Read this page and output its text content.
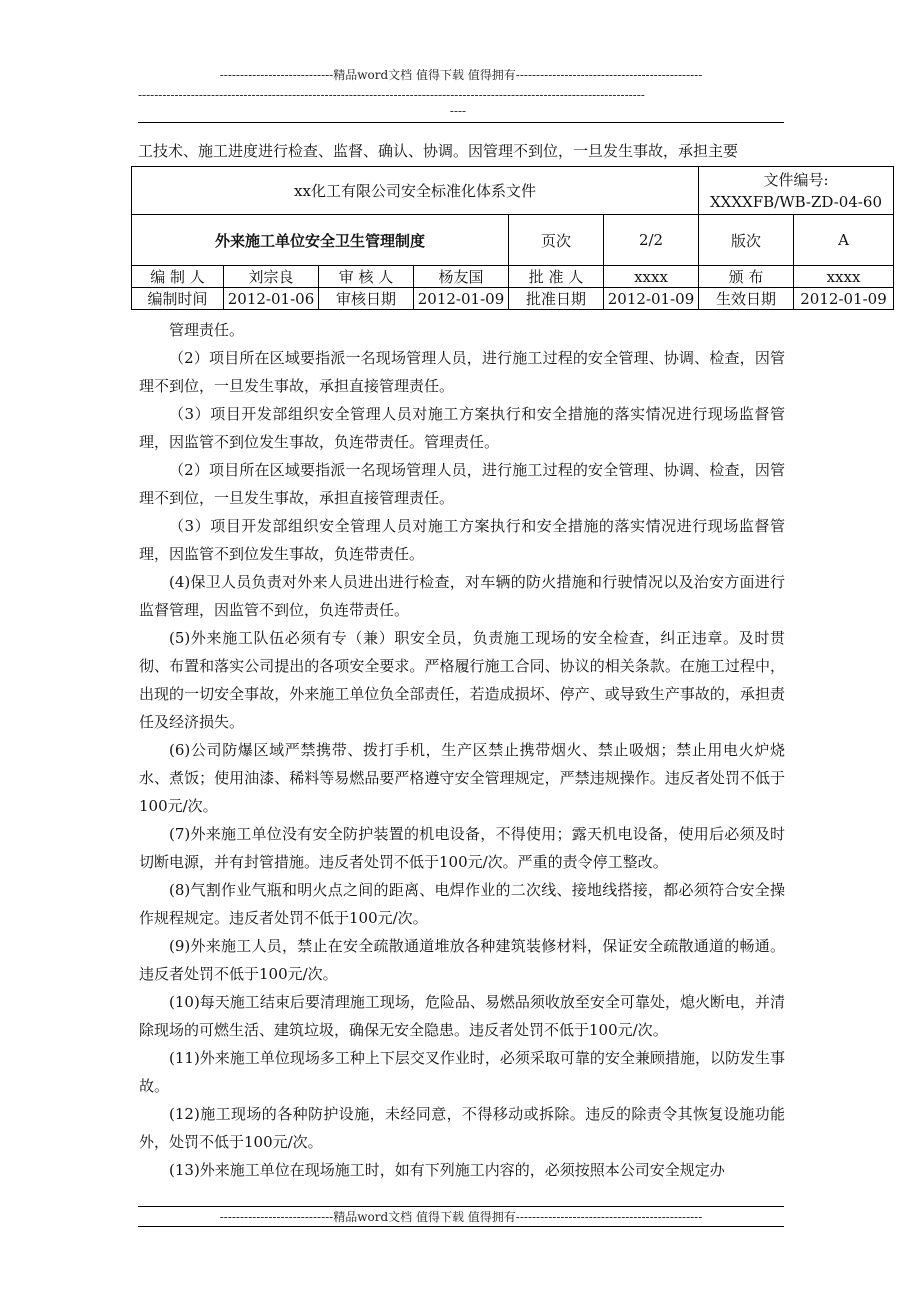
----------------------------精品word文档 值得下载 值得拥有----------------------------------------------
-----------------------------------------------------------------------------------------------------------------------------
----
工技术、施工进度进行检查、监督、确认、协调。因管理不到位，一旦发生事故，承担主要
xx化工有限公司安全标准化体系文件						文件编号:
XXXXFB/WB-ZD-04-60	

外来施工单位安全卫生管理制度				页次	2/2	版次	A
编 制 人	刘宗良	审 核 人	杨友国	批 准 人	xxxx	颁 布	xxxx
编制时间	2012-01-06	审核日期	2012-01-09	批准日期	2012-01-09	生效日期	2012-01-09

管理责任。

（2）项目所在区域要指派一名现场管理人员，进行施工过程的安全管理、协调、检查，因管理不到位，一旦发生事故，承担直接管理责任。

（3）项目开发部组织安全管理人员对施工方案执行和安全措施的落实情况进行现场监督管理，因监管不到位发生事故，负连带责任。管理责任。

（2）项目所在区域要指派一名现场管理人员，进行施工过程的安全管理、协调、检查，因管理不到位，一旦发生事故，承担直接管理责任。

（3）项目开发部组织安全管理人员对施工方案执行和安全措施的落实情况进行现场监督管理，因监管不到位发生事故，负连带责任。

(4)保卫人员负责对外来人员进出进行检查，对车辆的防火措施和行驶情况以及治安方面进行监督管理，因监管不到位，负连带责任。

(5)外来施工队伍必须有专（兼）职安全员，负责施工现场的安全检查，纠正违章。及时贯彻、布置和落实公司提出的各项安全要求。严格履行施工合同、协议的相关条款。在施工过程中，出现的一切安全事故，外来施工单位负全部责任，若造成损坏、停产、或导致生产事故的，承担责任及经济损失。

(6)公司防爆区域严禁携带、拨打手机，生产区禁止携带烟火、禁止吸烟；禁止用电火炉烧水、煮饭；使用油漆、稀料等易燃品要严格遵守安全管理规定，严禁违规操作。违反者处罚不低于100元/次。

(7)外来施工单位没有安全防护装置的机电设备，不得使用；露天机电设备，使用后必须及时切断电源，并有封管措施。违反者处罚不低于100元/次。严重的责令停工整改。

(8)气割作业气瓶和明火点之间的距离、电焊作业的二次线、接地线搭接，都必须符合安全操作规程规定。违反者处罚不低于100元/次。

(9)外来施工人员，禁止在安全疏散通道堆放各种建筑装修材料，保证安全疏散通道的畅通。违反者处罚不低于100元/次。

(10)每天施工结束后要清理施工现场，危险品、易燃品须收放至安全可靠处，熄火断电，并清除现场的可燃生活、建筑垃圾，确保无安全隐患。违反者处罚不低于100元/次。

(11)外来施工单位现场多工种上下层交叉作业时，必须采取可靠的安全兼顾措施，以防发生事故。

(12)施工现场的各种防护设施，未经同意，不得移动或拆除。违反的除责令其恢复设施功能外，处罚不低于100元/次。

(13)外来施工单位在现场施工时，如有下列施工内容的，必须按照本公司安全规定办

----------------------------精品word文档 值得下载 值得拥有----------------------------------------------
